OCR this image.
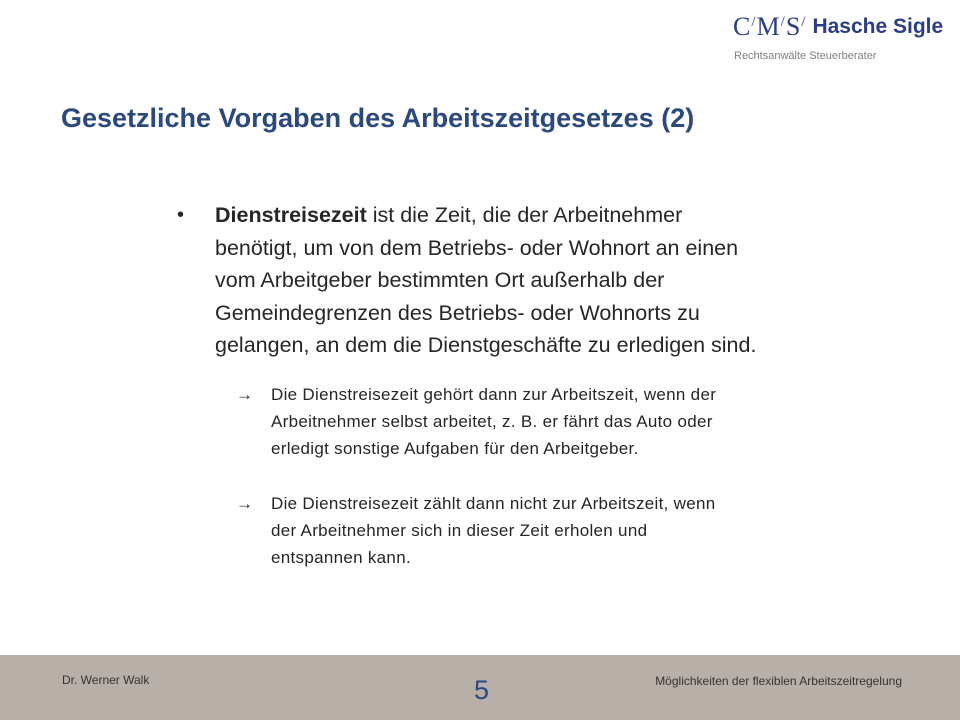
C/M/S/ Hasche Sigle
Rechtsanwälte Steuerberater
Gesetzliche Vorgaben des Arbeitszeitgesetzes (2)
• Dienstreisezeit ist die Zeit, die der Arbeitnehmer
benötigt, um von dem Betriebs- oder Wohnort an einen
vom Arbeitgeber bestimmten Ort außerhalb der
Gemeindegrenzen des Betriebs- oder Wohnorts zu
gelangen, an dem die Dienstgeschäfte zu erledigen sind.
→ Die Dienstreisezeit gehört dann zur Arbeitszeit, wenn der
Arbeitnehmer selbst arbeitet, z. B. er fährt das Auto oder
erledigt sonstige Aufgaben für den Arbeitgeber.
→ Die Dienstreisezeit zählt dann nicht zur Arbeitszeit, wenn
der Arbeitnehmer sich in dieser Zeit erholen und
entspannen kann.
Dr. Werner Walk	5	Möglichkeiten der flexiblen Arbeitszeitregelung
